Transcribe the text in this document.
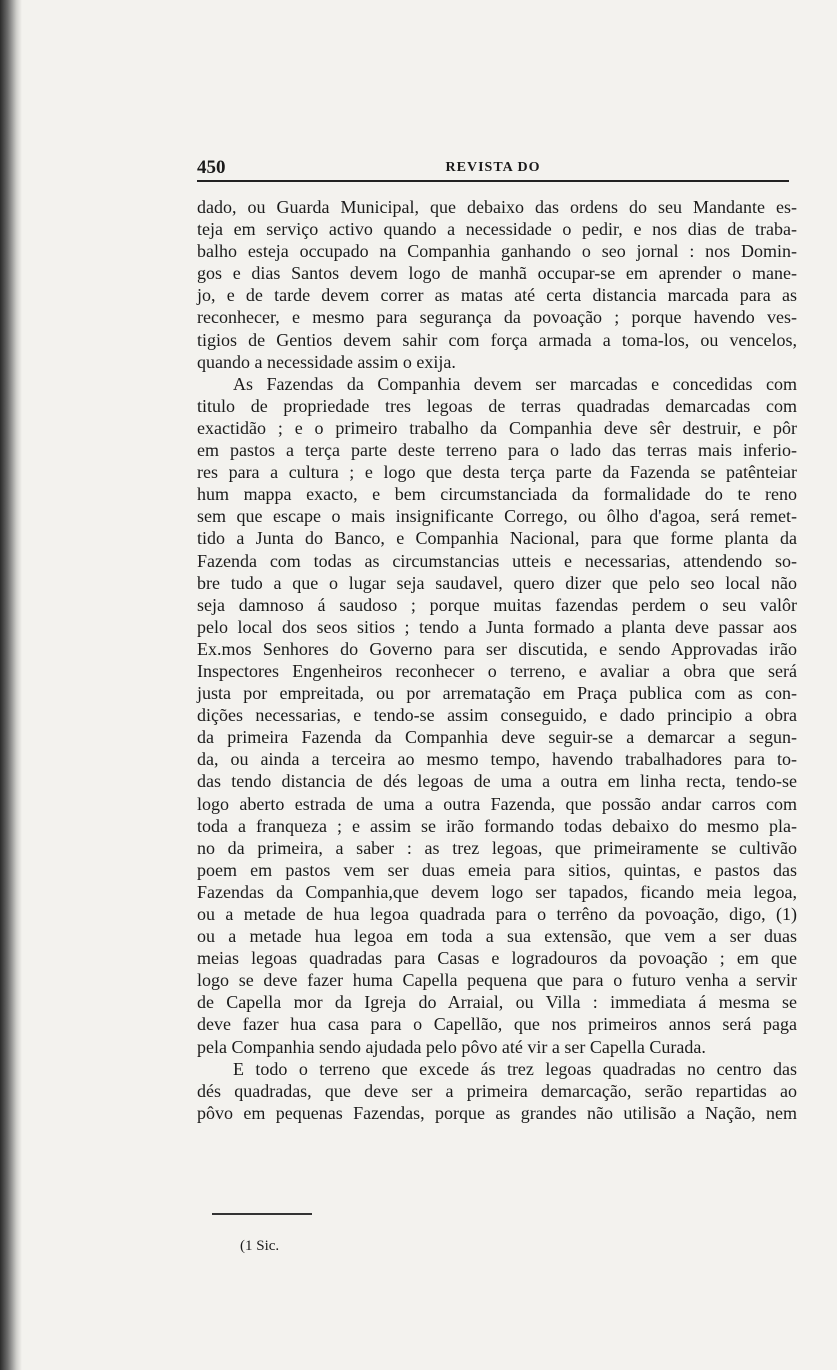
450	REVISTA DO
dado, ou Guarda Municipal, que debaixo das ordens do seu Mandante es-
teja em serviço activo quando a necessidade o pedir, e nos dias de traba-
balho esteja occupado na Companhia ganhando o seo jornal : nos Domin-
gos e dias Santos devem logo de manhã occupar-se em aprender o mane-
jo, e de tarde devem correr as matas até certa distancia marcada para as
reconhecer, e mesmo para segurança da povoação ; porque havendo ves-
tigios de Gentios devem sahir com força armada a toma-los, ou vencelos,
quando a necessidade assim o exija.
As Fazendas da Companhia devem ser marcadas e concedidas com
titulo de propriedade tres legoas de terras quadradas demarcadas com
exactidão ; e o primeiro trabalho da Companhia deve sêr destruir, e pôr
em pastos a terça parte deste terreno para o lado das terras mais inferio-
res para a cultura ; e logo que desta terça parte da Fazenda se patênteiar
hum mappa exacto, e bem circumstanciada da formalidade do te reno
sem que escape o mais insignificante Corrego, ou ôlho d'agoa, será remet-
tido a Junta do Banco, e Companhia Nacional, para que forme planta da
Fazenda com todas as circumstancias utteis e necessarias, attendendo so-
bre tudo a que o lugar seja saudavel, quero dizer que pelo seo local não
seja damnoso á saudoso ; porque muitas fazendas perdem o seu valôr
pelo local dos seos sitios ; tendo a Junta formado a planta deve passar aos
Ex.mos Senhores do Governo para ser discutida, e sendo Approvadas irão
Inspectores Engenheiros reconhecer o terreno, e avaliar a obra que será
justa por empreitada, ou por arrematação em Praça publica com as con-
dições necessarias, e tendo-se assim conseguido, e dado principio a obra
da primeira Fazenda da Companhia deve seguir-se a demarcar a segun-
da, ou ainda a terceira ao mesmo tempo, havendo trabalhadores para to-
das tendo distancia de dés legoas de uma a outra em linha recta, tendo-se
logo aberto estrada de uma a outra Fazenda, que possão andar carros com
toda a franqueza ; e assim se irão formando todas debaixo do mesmo pla-
no da primeira, a saber : as trez legoas, que primeiramente se cultivão
poem em pastos vem ser duas emeia para sitios, quintas, e pastos das
Fazendas da Companhia,que devem logo ser tapados, ficando meia legoa,
ou a metade de hua legoa quadrada para o terrêno da povoação, digo, (1)
ou a metade hua legoa em toda a sua extensão, que vem a ser duas
meias legoas quadradas para Casas e logradouros da povoação ; em que
logo se deve fazer huma Capella pequena que para o futuro venha a servir
de Capella mor da Igreja do Arraial, ou Villa : immediata á mesma se
deve fazer hua casa para o Capellão, que nos primeiros annos será paga
pela Companhia sendo ajudada pelo pôvo até vir a ser Capella Curada.
E todo o terreno que excede ás trez legoas quadradas no centro das
dés quadradas, que deve ser a primeira demarcação, serão repartidas ao
pôvo em pequenas Fazendas, porque as grandes não utilisão a Nação, nem
(1 Sic.
